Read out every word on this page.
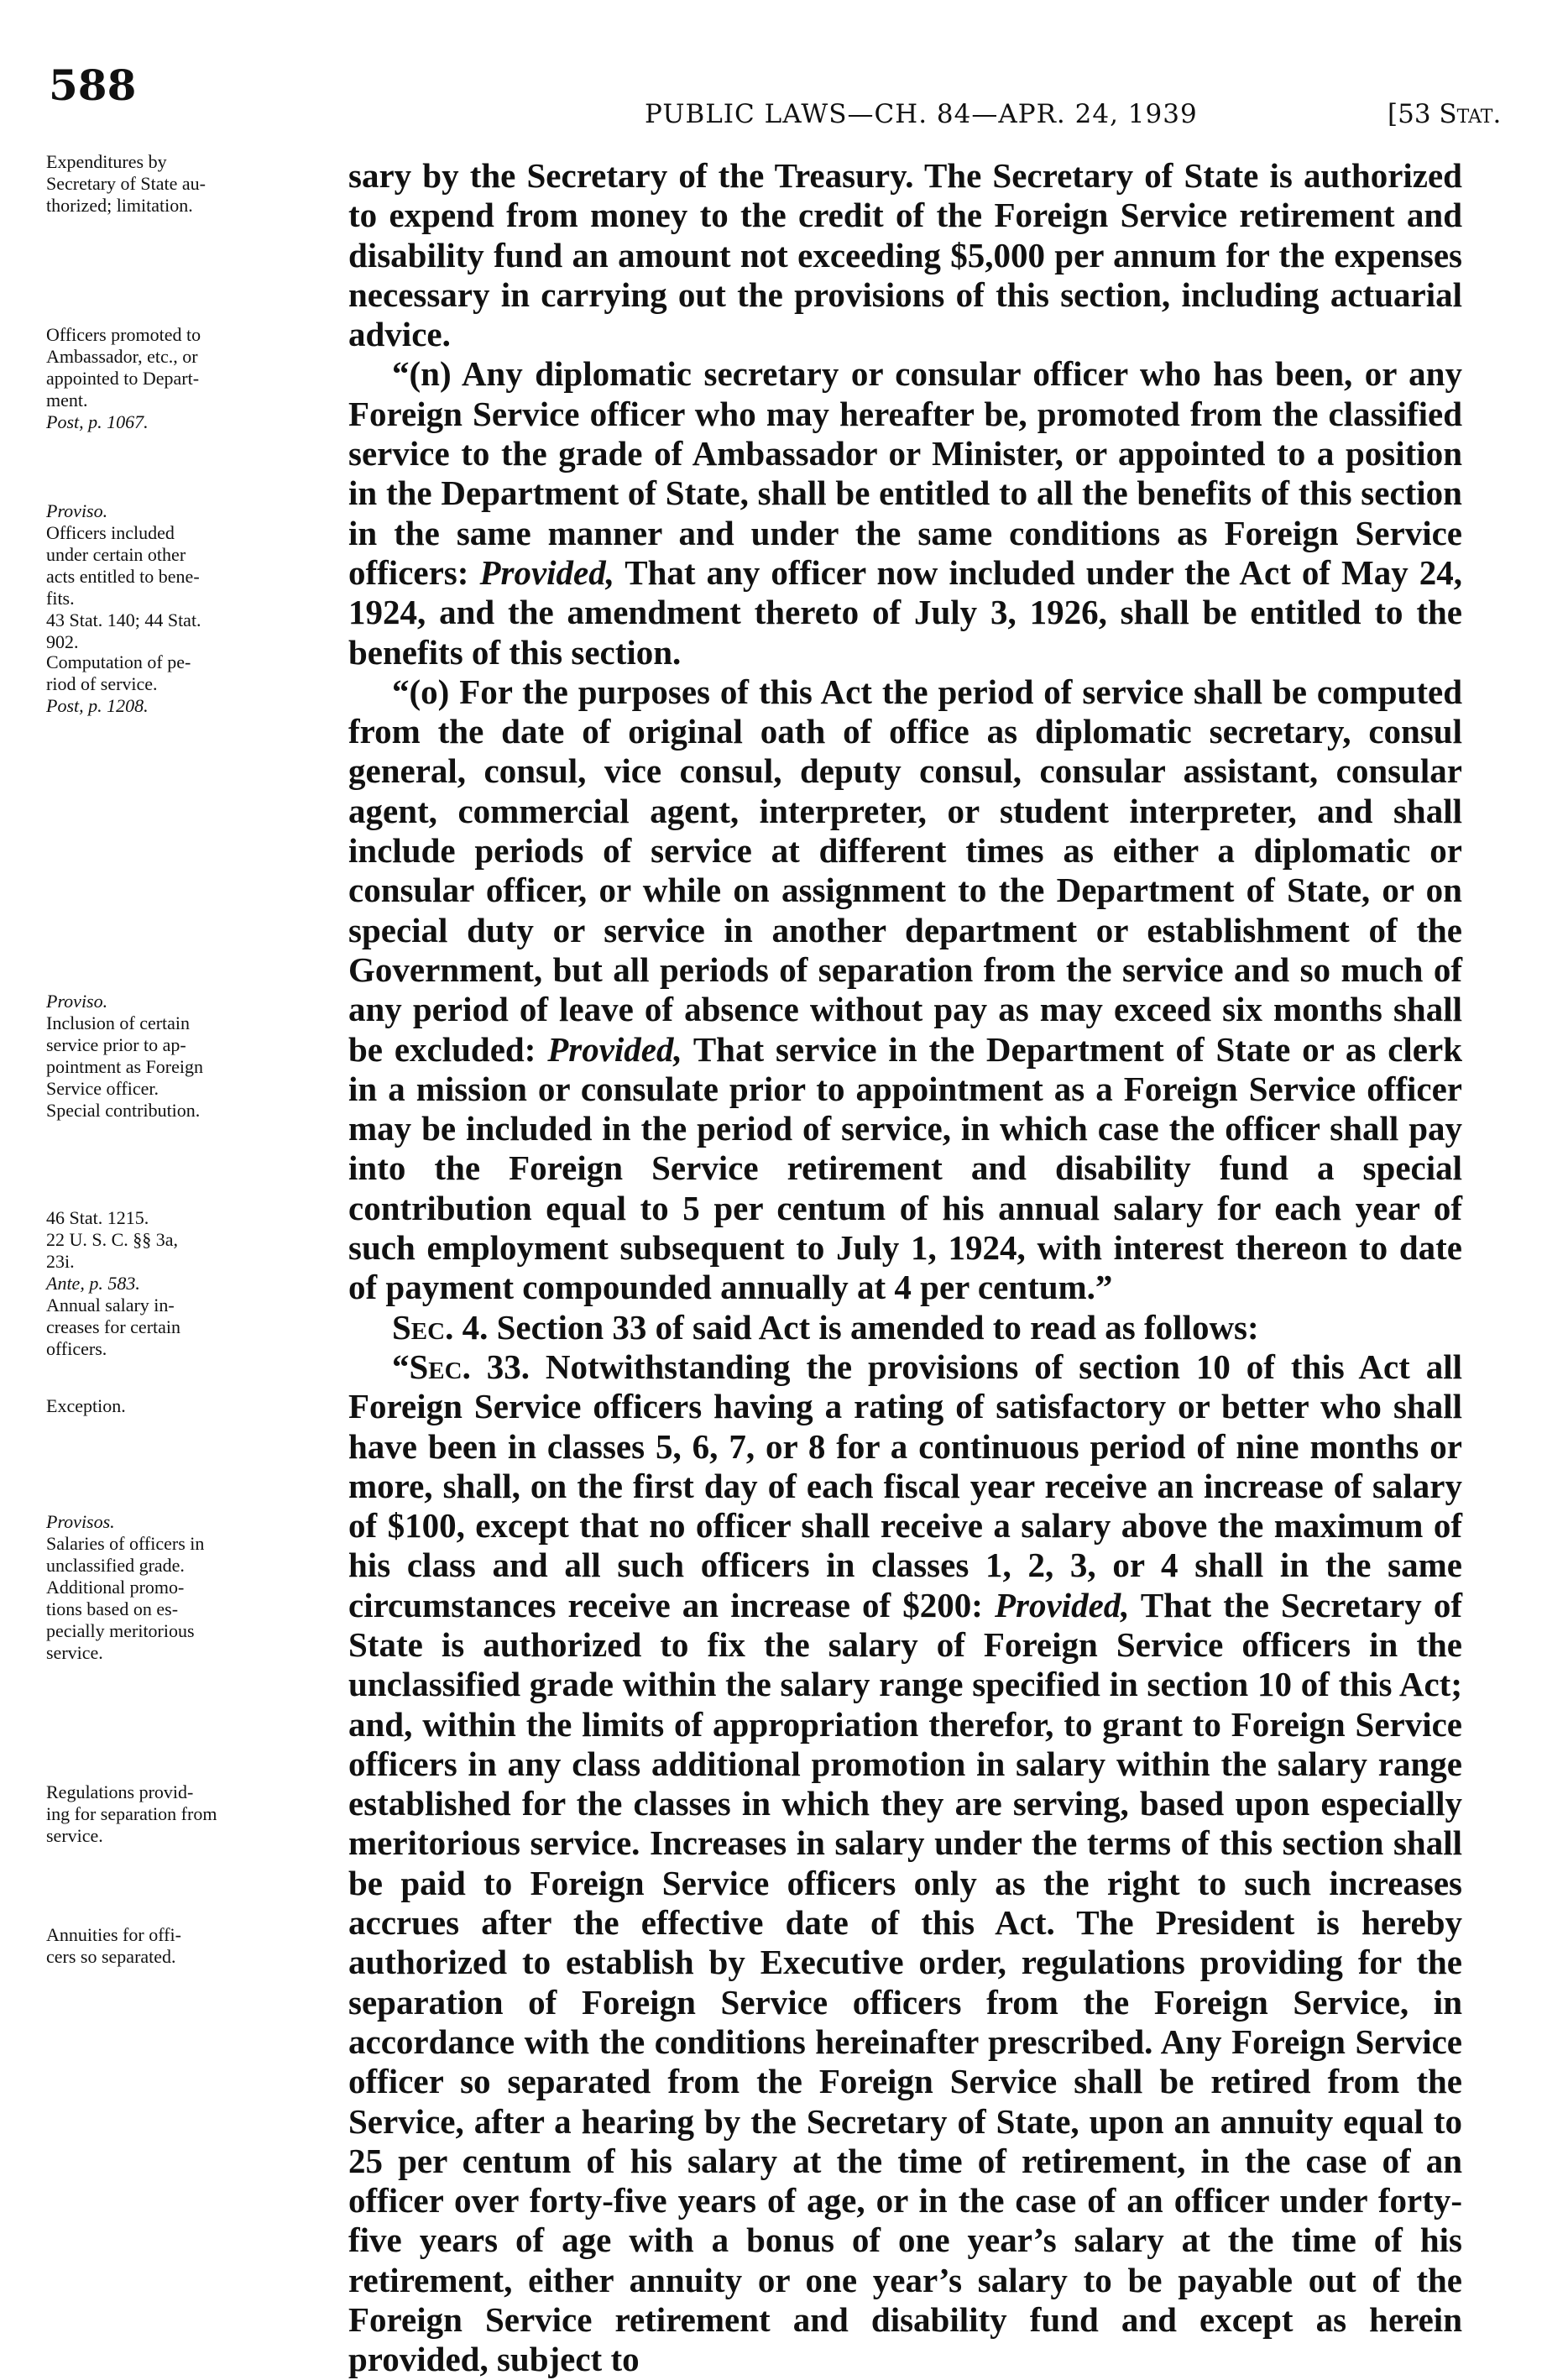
588
PUBLIC LAWS—CH. 84—APR. 24, 1939	[53 Stat.
Expenditures by
Secretary of State au-
thorized; limitation.
Officers promoted to
Ambassador, etc., or
appointed to Depart-
ment.
Post, p. 1067.
Proviso.
Officers included
under certain other
acts entitled to bene-
fits.
43 Stat. 140; 44 Stat.
902.
Computation of pe-
riod of service.
Post, p. 1208.
Proviso.
Inclusion of certain
service prior to ap-
pointment as Foreign
Service officer.
Special contribution.
46 Stat. 1215.
22 U. S. C. §§ 3a,
23i.
Ante, p. 583.
Annual salary in-
creases for certain
officers.
Exception.
Provisos.
Salaries of officers in
unclassified grade.
Additional promo-
tions based on es-
pecially meritorious
service.
Regulations provid-
ing for separation from
service.
Annuities for offi-
cers so separated.

sary by the Secretary of the Treasury. The Secretary of State is authorized to expend from money to the credit of the Foreign Service retirement and disability fund an amount not exceeding $5,000 per annum for the expenses necessary in carrying out the provisions of this section, including actuarial advice.

“(n) Any diplomatic secretary or consular officer who has been, or any Foreign Service officer who may hereafter be, promoted from the classified service to the grade of Ambassador or Minister, or appointed to a position in the Department of State, shall be entitled to all the benefits of this section in the same manner and under the same conditions as Foreign Service officers: Provided, That any officer now included under the Act of May 24, 1924, and the amendment thereto of July 3, 1926, shall be entitled to the benefits of this section.

“(o) For the purposes of this Act the period of service shall be computed from the date of original oath of office as diplomatic secretary, consul general, consul, vice consul, deputy consul, consular assistant, consular agent, commercial agent, interpreter, or student interpreter, and shall include periods of service at different times as either a diplomatic or consular officer, or while on assignment to the Department of State, or on special duty or service in another department or establishment of the Government, but all periods of separation from the service and so much of any period of leave of absence without pay as may exceed six months shall be excluded: Provided, That service in the Department of State or as clerk in a mission or consulate prior to appointment as a Foreign Service officer may be included in the period of service, in which case the officer shall pay into the Foreign Service retirement and disability fund a special contribution equal to 5 per centum of his annual salary for each year of such employment subsequent to July 1, 1924, with interest thereon to date of payment compounded annually at 4 per centum.”

Sec. 4. Section 33 of said Act is amended to read as follows:

“Sec. 33. Notwithstanding the provisions of section 10 of this Act all Foreign Service officers having a rating of satisfactory or better who shall have been in classes 5, 6, 7, or 8 for a continuous period of nine months or more, shall, on the first day of each fiscal year receive an increase of salary of $100, except that no officer shall receive a salary above the maximum of his class and all such officers in classes 1, 2, 3, or 4 shall in the same circumstances receive an increase of $200: Provided, That the Secretary of State is authorized to fix the salary of Foreign Service officers in the unclassified grade within the salary range specified in section 10 of this Act; and, within the limits of appropriation therefor, to grant to Foreign Service officers in any class additional promotion in salary within the salary range established for the classes in which they are serving, based upon especially meritorious service. Increases in salary under the terms of this section shall be paid to Foreign Service officers only as the right to such increases accrues after the effective date of this Act. The President is hereby authorized to establish by Executive order, regulations providing for the separation of Foreign Service officers from the Foreign Service, in accordance with the conditions hereinafter prescribed. Any Foreign Service officer so separated from the Foreign Service shall be retired from the Service, after a hearing by the Secretary of State, upon an annuity equal to 25 per centum of his salary at the time of retirement, in the case of an officer over forty-five years of age, or in the case of an officer under forty-five years of age with a bonus of one year’s salary at the time of his retirement, either annuity or one year’s salary to be payable out of the Foreign Service retirement and disability fund and except as herein provided, subject to
